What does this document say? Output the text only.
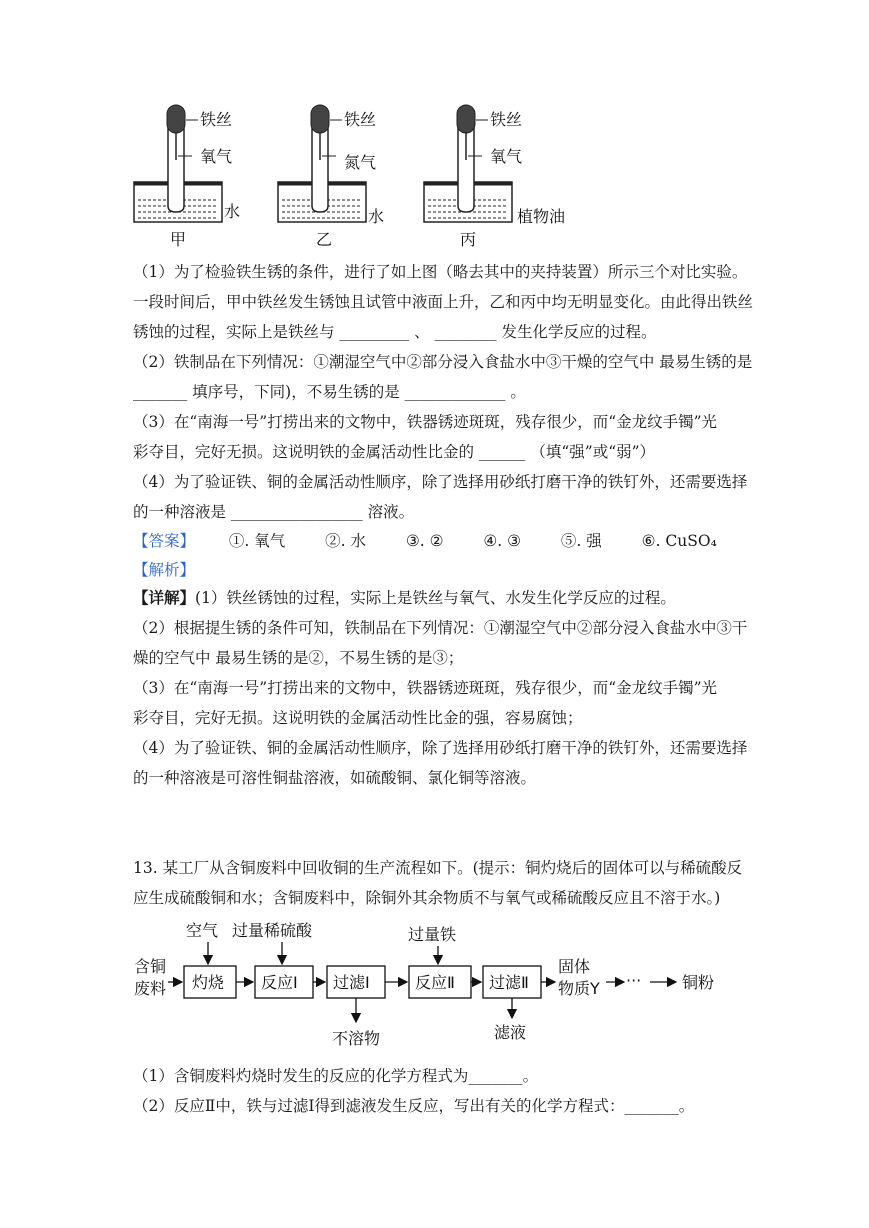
铁丝
氧气
水
甲
铁丝
氮气
水
乙
铁丝
氧气
植物油
丙
（1）为了检验铁生锈的条件，进行了如上图（略去其中的夹持装置）所示三个对比实验。
一段时间后，甲中铁丝发生锈蚀且试管中液面上升，乙和丙中均无明显变化。由此得出铁丝
锈蚀的过程，实际上是铁丝与 _________ 、 ________ 发生化学反应的过程。
（2）铁制品在下列情况：①潮湿空气中②部分浸入食盐水中③干燥的空气中 最易生锈的是
_______ 填序号，下同)，不易生锈的是 _____________ 。
（3）在“南海一号”打捞出来的文物中，铁器锈迹斑斑，残存很少，而“金龙纹手镯”光
彩夺目，完好无损。这说明铁的金属活动性比金的 ______ （填“强”或“弱”）
（4）为了验证铁、铜的金属活动性顺序，除了选择用砂纸打磨干净的铁钉外，还需要选择
的一种溶液是 _________________ 溶液。
【答案】 ①. 氧气	②. 水	③. ②	④. ③	⑤. 强	⑥. CuSO₄
【解析】
【详解】(1）铁丝锈蚀的过程，实际上是铁丝与氧气、水发生化学反应的过程。
（2）根据提生锈的条件可知，铁制品在下列情况：①潮湿空气中②部分浸入食盐水中③干
燥的空气中 最易生锈的是②，不易生锈的是③；
（3）在“南海一号”打捞出来的文物中，铁器锈迹斑斑，残存很少，而“金龙纹手镯”光
彩夺目，完好无损。这说明铁的金属活动性比金的强，容易腐蚀；
（4）为了验证铁、铜的金属活动性顺序，除了选择用砂纸打磨干净的铁钉外，还需要选择
的一种溶液是可溶性铜盐溶液，如硫酸铜、氯化铜等溶液。
13. 某工厂从含铜废料中回收铜的生产流程如下。(提示：铜灼烧后的固体可以与稀硫酸反
应生成硫酸铜和水；含铜废料中，除铜外其余物质不与氧气或稀硫酸反应且不溶于水。)
含铜
废料 灼烧
空气
反应Ⅰ
过量稀硫酸
过滤Ⅰ
不溶物
反应Ⅱ
过量铁
过滤Ⅱ
滤液
固体
物质Y ···	铜粉
（1）含铜废料灼烧时发生的反应的化学方程式为_______。
（2）反应Ⅱ中，铁与过滤Ⅰ得到滤液发生反应，写出有关的化学方程式：_______。
